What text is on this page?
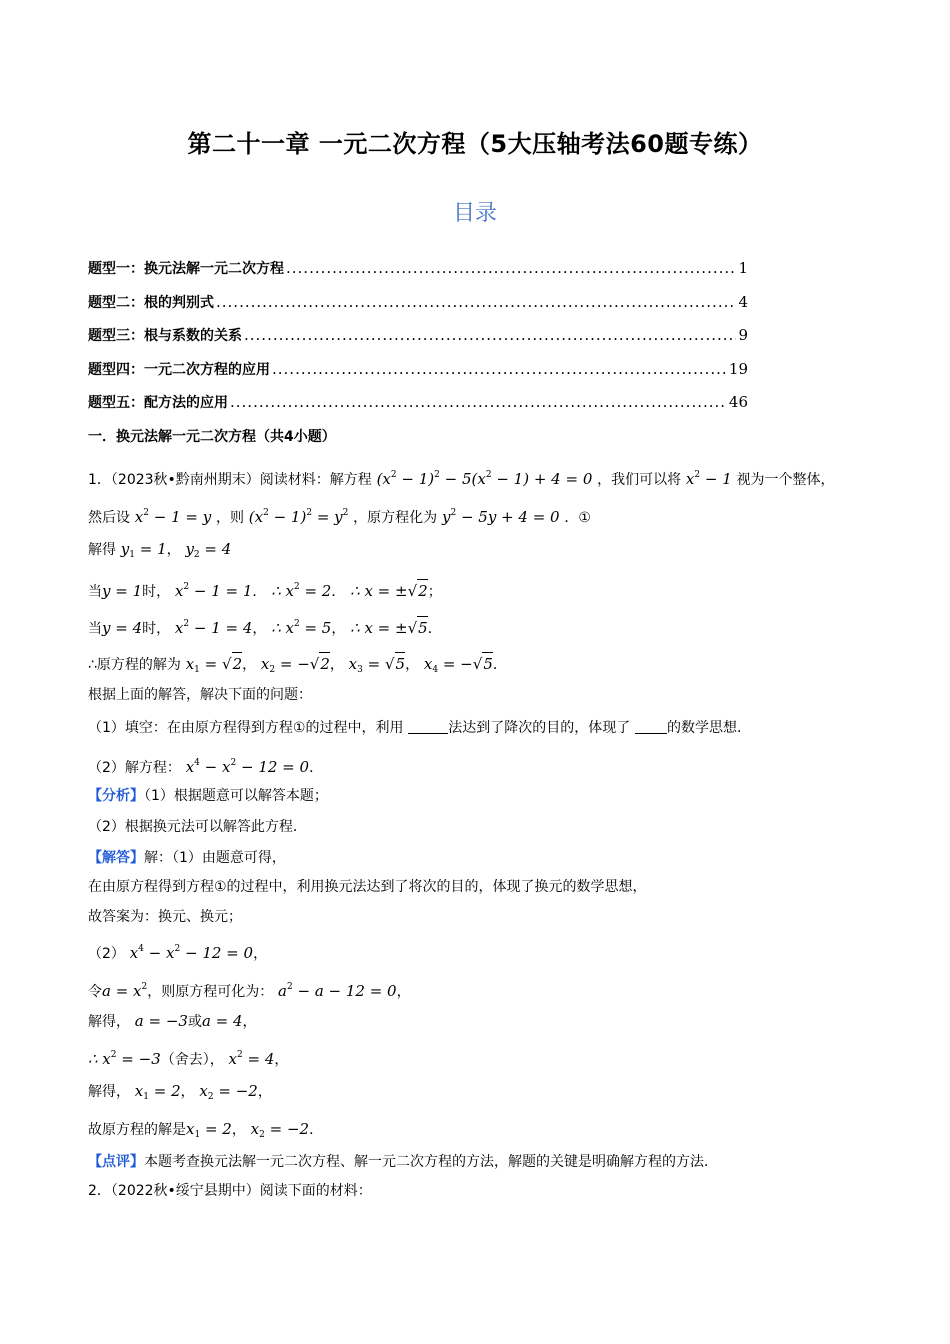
第二十一章 一元二次方程（5大压轴考法60题专练）
目录
题型一：换元法解一元二次方程 .....	1
题型二：根的判别式 .....	4
题型三：根与系数的关系 .....	9
题型四：一元二次方程的应用 .....	19
题型五：配方法的应用 .....	46
一．换元法解一元二次方程（共4小题）
1．（2023秋•黔南州期末）阅读材料：解方程 $(x^2 - 1)^2 - 5(x^2 - 1) + 4 = 0$ ，我们可以将 $x^2 - 1$ 视为一个整体，
然后设 $x^2 - 1 = y$ ，则 $(x^2 - 1)^2 = y^2$ ，原方程化为 $y^2 - 5y + 4 = 0$ ．①
解得 $y_1 = 1$， $y_2 = 4$
当y = 1时， $x^2 - 1 = 1$． ∴ $x^2 = 2$． ∴ x = ±√2；
当y = 4时， $x^2 - 1 = 4$， ∴ $x^2 = 5$， ∴ x = ±√5．
∴原方程的解为 $x_1 = √2$， $x_2 = -√2$， $x_3 = √5$， $x_4 = -√5$．
根据上面的解答，解决下面的问题：
（1）填空：在由原方程得到方程①的过程中，利用	法达到了降次的目的，体现了	的数学思想．
（2）解方程： $x^4 - x^2 - 12 = 0$．
【分析】（1）根据题意可以解答本题；
（2）根据换元法可以解答此方程．
【解答】解：（1）由题意可得，
在由原方程得到方程①的过程中，利用换元法达到了将次的目的，体现了换元的数学思想，
故答案为：换元、换元；
（2） $x^4 - x^2 - 12 = 0$，
令$a = x^2$，则原方程可化为： $a^2 - a - 12 = 0$，
解得， a = −3或a = 4，
∴ $x^2 = -3$（舍去）， $x^2 = 4$，
解得， $x_1 = 2$， $x_2 = -2$，
故原方程的解是$x_1 = 2$， $x_2 = -2$．
【点评】本题考查换元法解一元二次方程、解一元二次方程的方法，解题的关键是明确解方程的方法．
2．（2022秋•绥宁县期中）阅读下面的材料：
